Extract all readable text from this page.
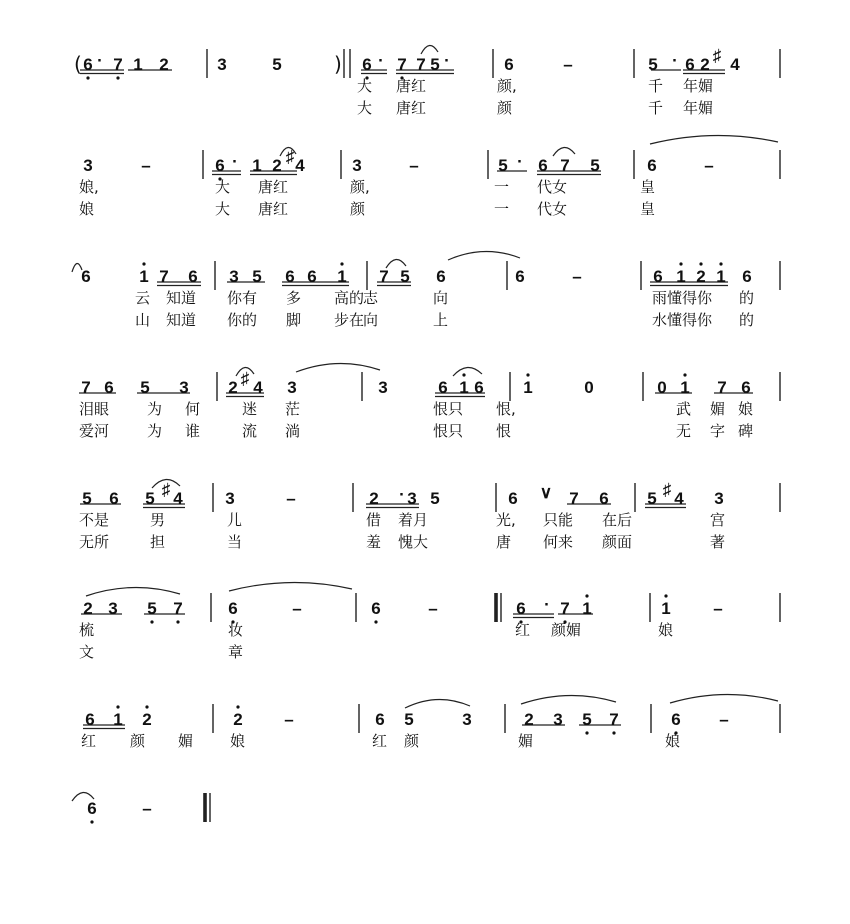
(	)
6 · 7 1 2	3	5	6 · 7 7 5 ·	6	–	5 · 6 2 ♯ 4
大 唐红	颜,	千 年媚
大 唐红	颜	千 年媚
3	–	6 · 1 2 ♯ 4	3	–	5 · 6 7 5	6	–
娘,	大 唐红	颜,	一 代女	皇
娘	大 唐红	颜	一 代女	皇
6	1 7 6 3 5 6 6 1 7 5 6	6	–	6 1 2 1 6
云 知道 你有 多 高的
志	向	雨懂得你 的
山 知道 你的 脚 步在
向	上	水懂得你 的
7 6 5 3 2 ♯ 4 3	3	6 1 6 1	0	0 1 7 6
泪眼	为 何	迷 茫	恨只 恨,	武 媚 娘
爱河	为 谁	流 淌	恨只 恨	无 字 碑
5 6 5 ♯ 4	3	–	2 · 3 5	6 ∨ 7 6 5 ♯ 4 3
不是	男	儿	借 着月	光, 只能 在后	宫
无所	担	当	羞 愧大	唐 何来 颜面	著
2 3 5 7	6	–	6	–	6 · 7 1	1	–
梳	妆	红 颜媚	娘
文	章
6 1 2	2 –	6 5	3	2 3 5 7	6 –
红 颜 媚 娘	红 颜	媚	娘
6	–
